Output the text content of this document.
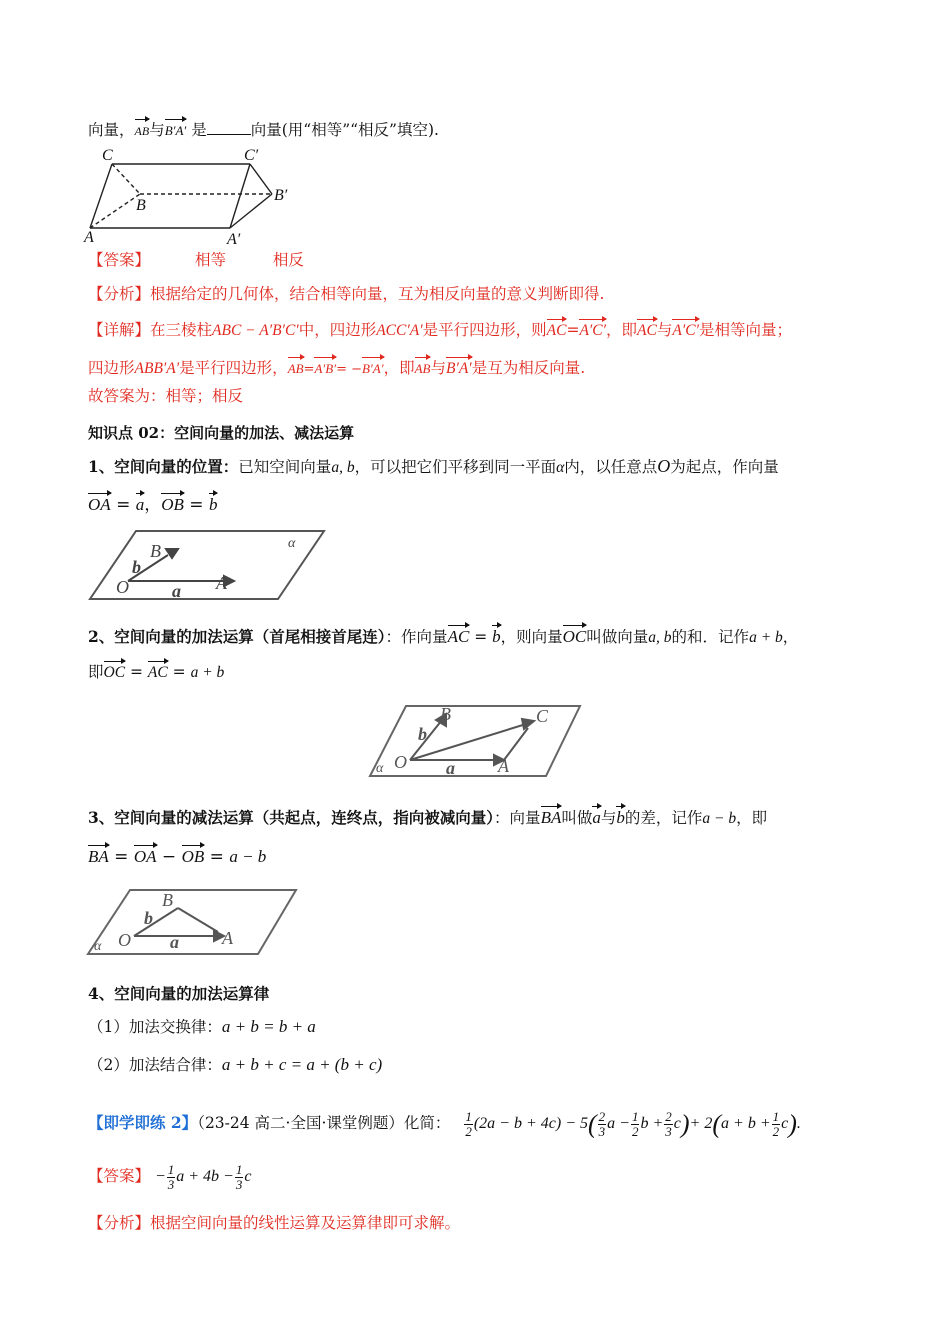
向量，AB与B′A′ 是	向量(用“相等”“相反”填空).
C	C′
B
B′
A	A′
【答案】	相等	相反
【分析】根据给定的几何体，结合相等向量，互为相反向量的意义判断即得.
【详解】在三棱柱ABC − A′B′C′中，四边形ACC′A′是平行四边形，则AC=A′C′，即AC与A′C′是相等向量；
四边形ABB′A′是平行四边形，AB=A′B′= −B′A′，即AB与B′A′是互为相反向量.
故答案为：相等；相反
知识点 02：空间向量的加法、减法运算
1、空间向量的位置：已知空间向量a, b，可以把它们平移到同一平面α内，以任意点O为起点，作向量
OA = a，OB = b
α
O	A
B
a
b
2、空间向量的加法运算（首尾相接首尾连）：作向量AC = b，则向量OC叫做向量a, b的和．记作a + b，
即OC = AC = a + b
α O	A
B	C
a
b
3、空间向量的减法运算（共起点，连终点，指向被减向量）：向量BA叫做a与b的差，记作a − b，即
BA = OA − OB = a − b
α O	A
B
a
b
4、空间向量的加法运算律
（1）加法交换律：a + b = b + a
（2）加法结合律：a + b + c = a + (b + c)
【即学即练 2】（23-24 高二·全国·课堂例题）化简： $\frac{1}{2} (2a - b + 4c) - 5( \frac{2}{3}$ $a - \frac{1}{2}$ $b + \frac{2}{3} c)+ 2(a + b + \frac{1}{2} c)$.
【答案】 − $\frac{1}{3}$ $a + 4b - \frac{1}{3}$ c
【分析】根据空间向量的线性运算及运算律即可求解。
